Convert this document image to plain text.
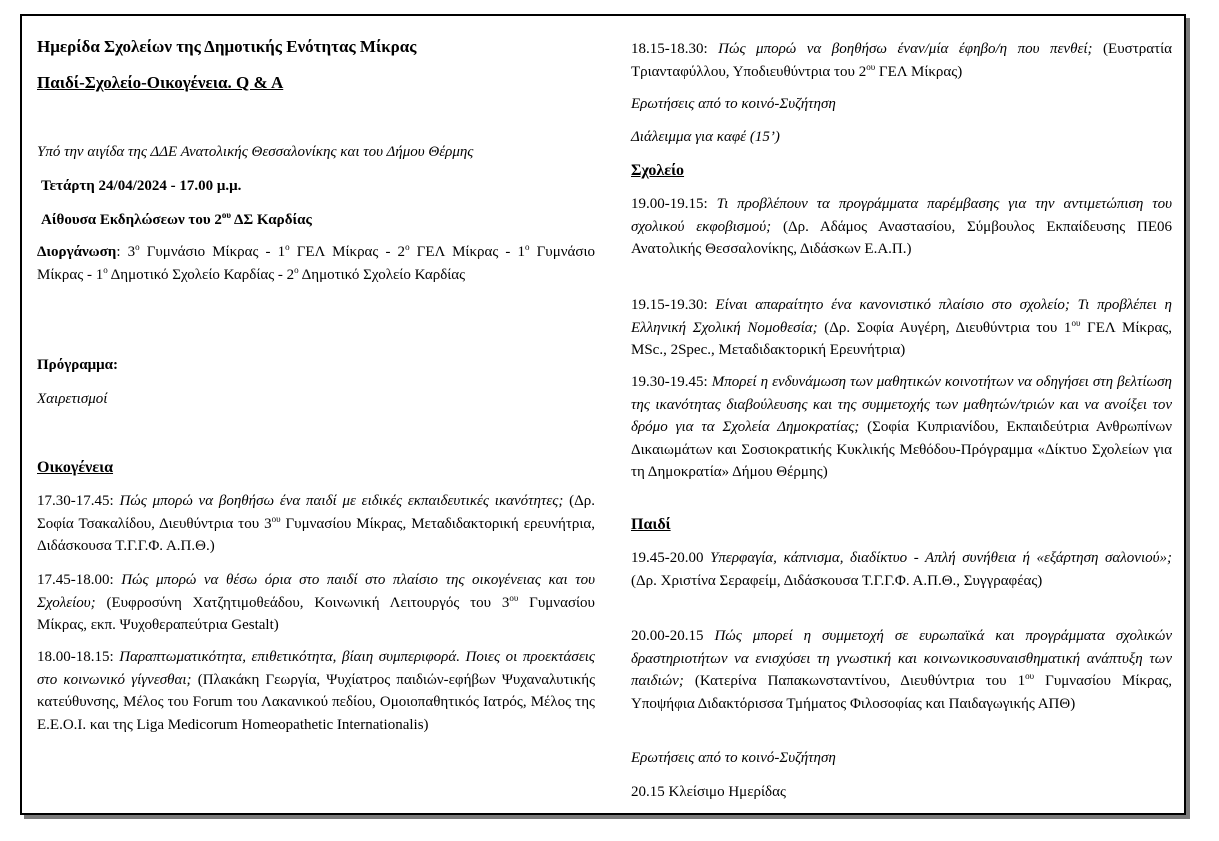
Ημερίδα Σχολείων της Δημοτικής Ενότητας Μίκρας

Παιδί-Σχολείο-Οικογένεια. Q & A

Υπό την αιγίδα της ΔΔΕ Ανατολικής Θεσσαλονίκης και του Δήμου Θέρμης

Τετάρτη 24/04/2024 - 17.00 μ.μ.

Αίθουσα Εκδηλώσεων του $2^{o\upsilon}$ ΔΣ Καρδίας

Διοργάνωση: $3^o$ Γυμνάσιο Μίκρας - $1^o$ ΓΕΛ Μίκρας - $2^o$ ΓΕΛ Μίκρας - $1^o$ Γυμνάσιο Μίκρας - $1^o$ Δημοτικό Σχολείο Καρδίας - $2^o$ Δημοτικό Σχολείο Καρδίας

Πρόγραμμα:

Χαιρετισμοί

Οικογένεια

17.30-17.45: Πώς μπορώ να βοηθήσω ένα παιδί με ειδικές εκπαιδευτικές ικανότητες; (Δρ. Σοφία Τσακαλίδου, Διευθύντρια του $3^{o\upsilon}$ Γυμνασίου Μίκρας, Μεταδιδακτορική ερευνήτρια, Διδάσκουσα Τ.Γ.Γ.Φ. Α.Π.Θ.)

17.45-18.00: Πώς μπορώ να θέσω όρια στο παιδί στο πλαίσιο της οικογένειας και του Σχολείου; (Ευφροσύνη Χατζητιμοθεάδου, Κοινωνική Λειτουργός του $3^{o\upsilon}$ Γυμνασίου Μίκρας, εκπ. Ψυχοθεραπεύτρια Gestalt)

18.00-18.15: Παραπτωματικότητα, επιθετικότητα, βίαιη συμπεριφορά. Ποιες οι προεκτάσεις στο κοινωνικό γίγνεσθαι; (Πλακάκη Γεωργία, Ψυχίατρος παιδιών-εφήβων Ψυχαναλυτικής κατεύθυνσης, Μέλος του Forum του Λακανικού πεδίου, Ομοιοπαθητικός Ιατρός, Μέλος της Ε.Ε.Ο.Ι. και της Liga Medicorum Homeopathetic Internationalis)

18.15-18.30: Πώς μπορώ να βοηθήσω έναν/μία έφηβο/η που πενθεί; (Ευστρατία Τριανταφύλλου, Υποδιευθύντρια του $2^{o\upsilon}$ ΓΕΛ Μίκρας)

Ερωτήσεις από το κοινό-Συζήτηση

Διάλειμμα για καφέ (15’)

Σχολείο

19.00-19.15: Τι προβλέπουν τα προγράμματα παρέμβασης για την αντιμετώπιση του σχολικού εκφοβισμού; (Δρ. Αδάμος Αναστασίου, Σύμβουλος Εκπαίδευσης ΠΕ06 Ανατολικής Θεσσαλονίκης, Διδάσκων Ε.Α.Π.)

19.15-19.30: Είναι απαραίτητο ένα κανονιστικό πλαίσιο στο σχολείο; Τι προβλέπει η Ελληνική Σχολική Νομοθεσία; (Δρ. Σοφία Αυγέρη, Διευθύντρια του $1^{o\upsilon}$ ΓΕΛ Μίκρας, MSc., 2Spec., Μεταδιδακτορική Ερευνήτρια)

19.30-19.45: Μπορεί η ενδυνάμωση των μαθητικών κοινοτήτων να οδηγήσει στη βελτίωση της ικανότητας διαβούλευσης και της συμμετοχής των μαθητών/τριών και να ανοίξει τον δρόμο για τα Σχολεία Δημοκρατίας; (Σοφία Κυπριανίδου, Εκπαιδεύτρια Ανθρωπίνων Δικαιωμάτων και Σοσιοκρατικής Κυκλικής Μεθόδου-Πρόγραμμα «Δίκτυο Σχολείων για τη Δημοκρατία» Δήμου Θέρμης)

Παιδί

19.45-20.00 Υπερφαγία, κάπνισμα, διαδίκτυο - Απλή συνήθεια ή «εξάρτηση σαλονιού»; (Δρ. Χριστίνα Σεραφείμ, Διδάσκουσα Τ.Γ.Γ.Φ. Α.Π.Θ., Συγγραφέας)

20.00-20.15 Πώς μπορεί η συμμετοχή σε ευρωπαϊκά και προγράμματα σχολικών δραστηριοτήτων να ενισχύσει τη γνωστική και κοινωνικοσυναισθηματική ανάπτυξη των παιδιών; (Κατερίνα Παπακωνσταντίνου, Διευθύντρια του $1^{o\upsilon}$ Γυμνασίου Μίκρας, Υποψήφια Διδακτόρισσα Τμήματος Φιλοσοφίας και Παιδαγωγικής ΑΠΘ)

Ερωτήσεις από το κοινό-Συζήτηση

20.15 Κλείσιμο Ημερίδας
